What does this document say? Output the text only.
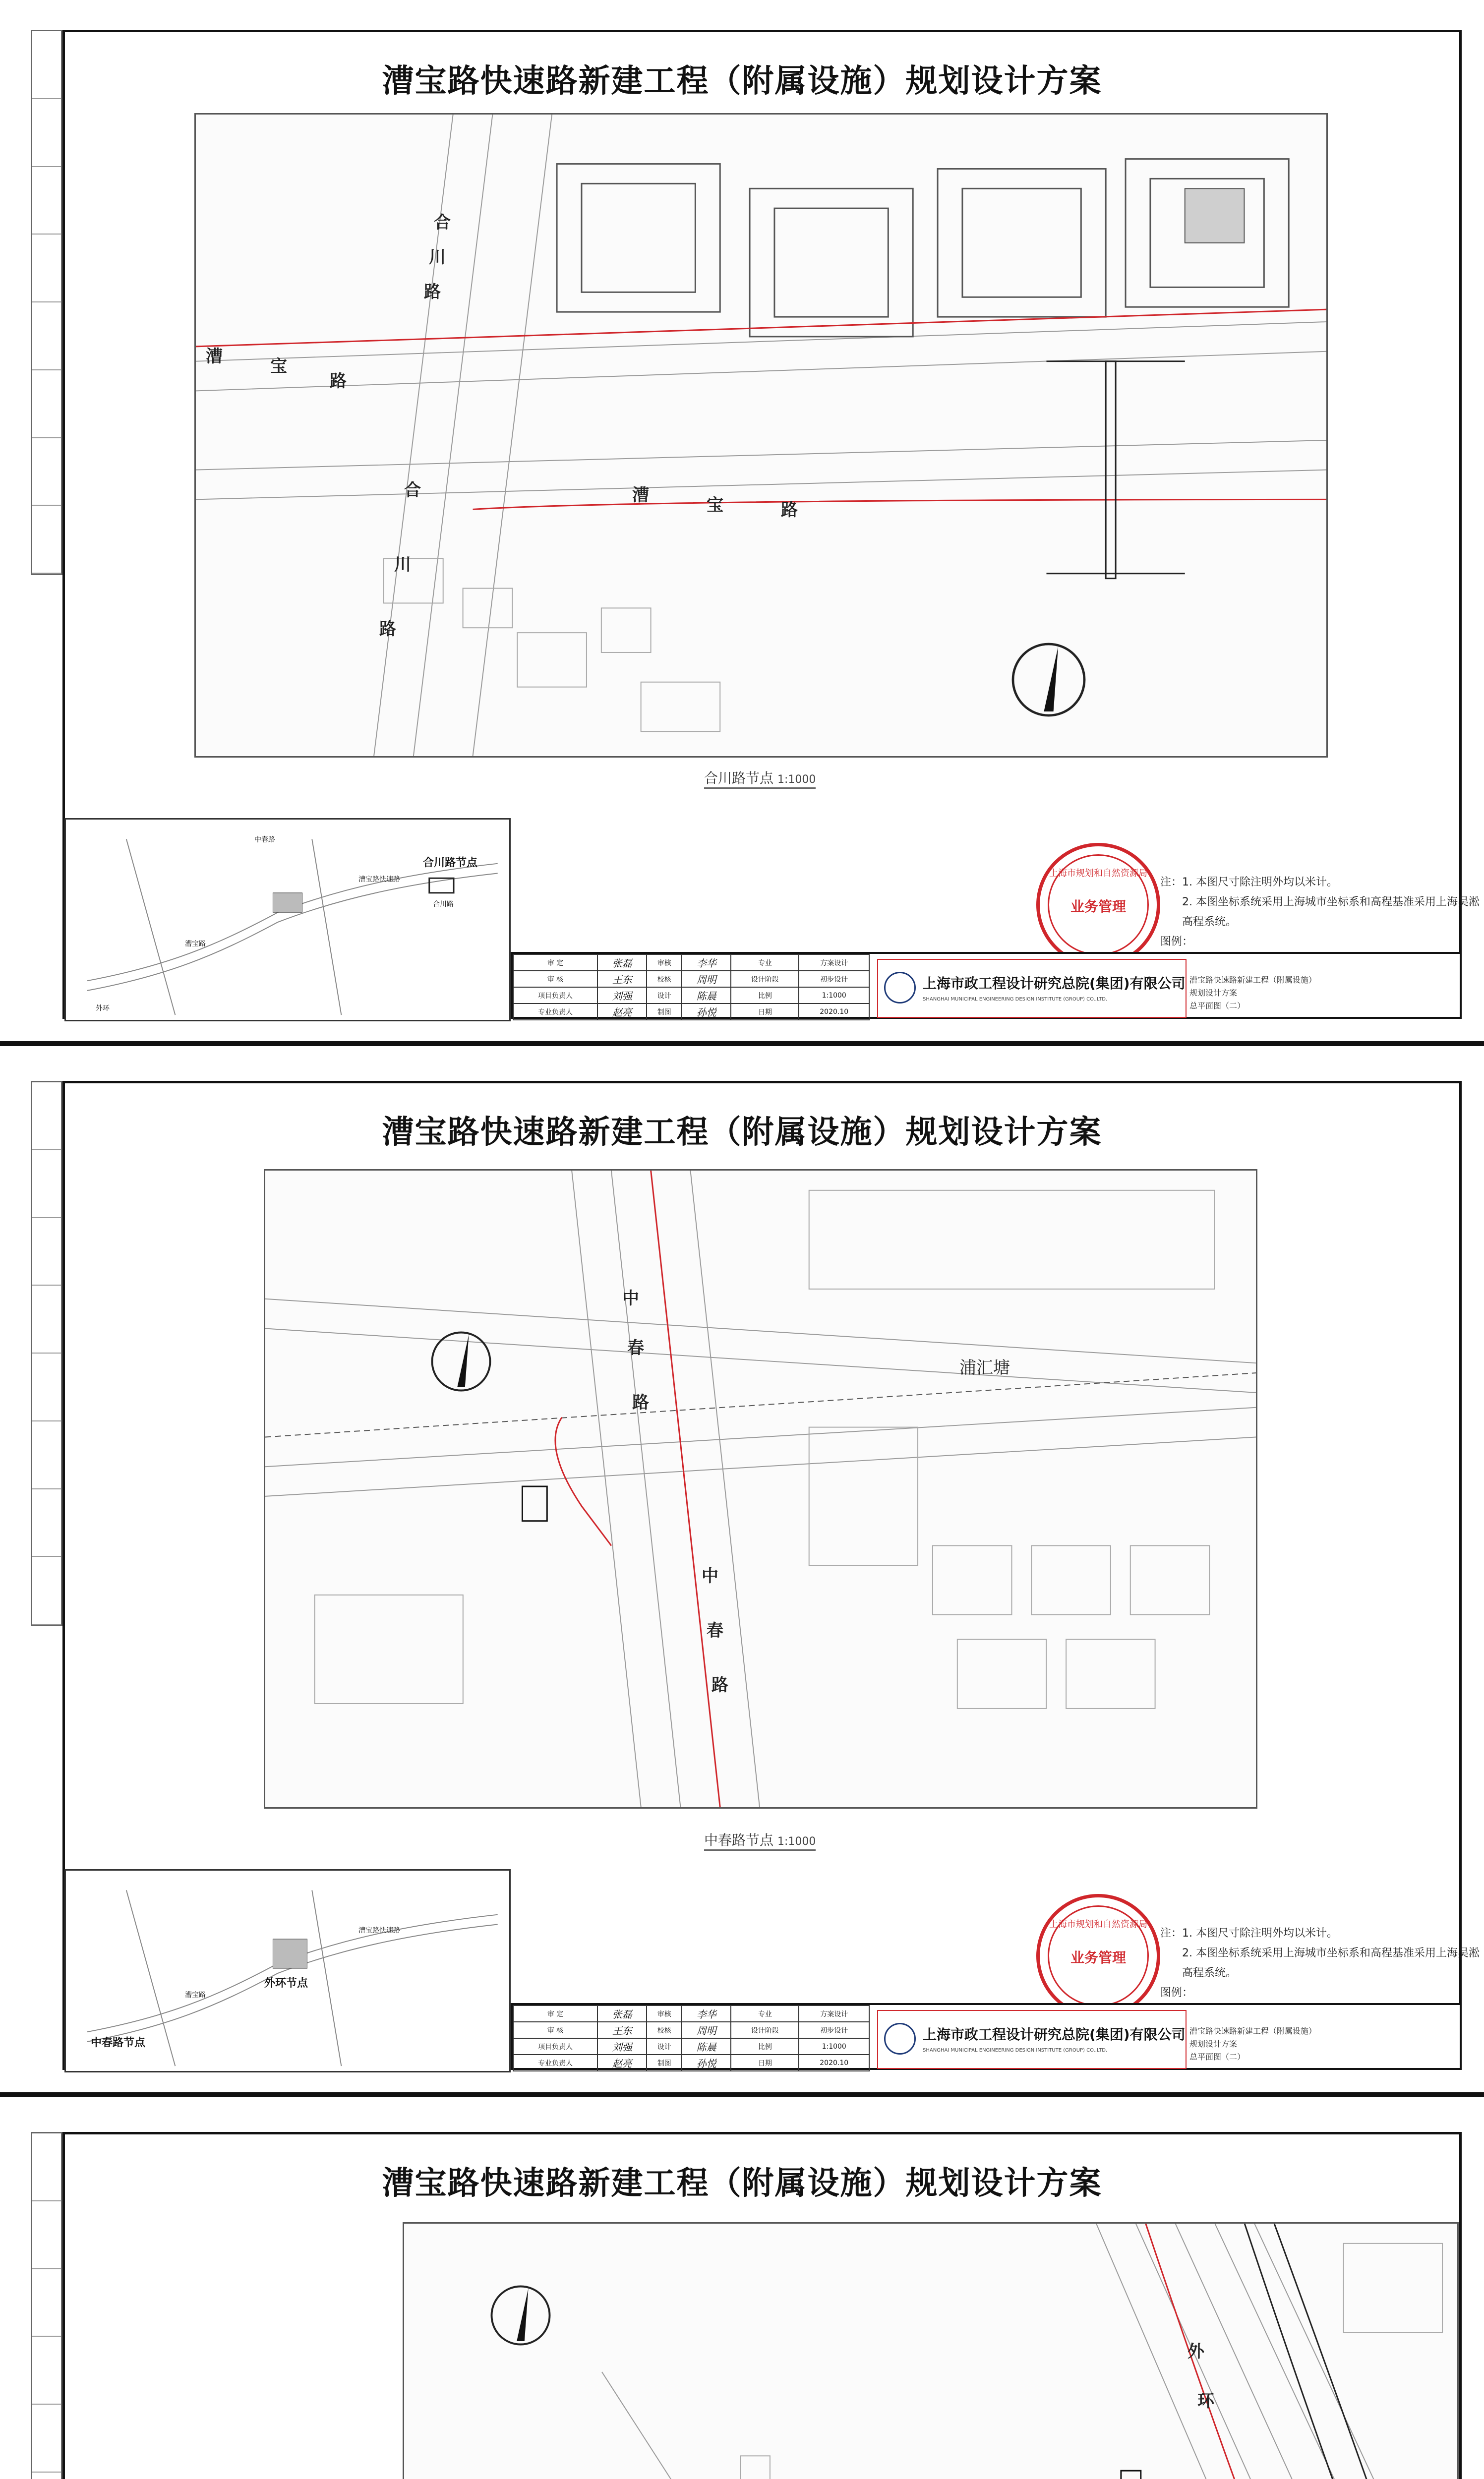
漕宝路快速路新建工程（附属设施）规划设计方案
合
川
路
漕	宝
路
合
川
路
漕	宝	路
合川路节点 1:1000
合川路节点
中春路
外环
漕宝路
漕宝路快速路
合川路
注：1. 本图尺寸除注明外均以米计。
2. 本图坐标系统采用上海城市坐标系和高程基准采用上海吴淞高程系统。
图例：
上海市规划和自然资源局
业务管理
审 定	张磊	审核	李华	专业	方案设计
审 核	王东	校核	周明	设计阶段	初步设计
项目负责人	刘强	设计	陈晨	比例	1:1000
专业负责人	赵亮	制图	孙悦	日期	2020.10
上海市政工程设计研究总院(集团)有限公司
SHANGHAI MUNICIPAL ENGINEERING DESIGN INSTITUTE (GROUP) CO.,LTD.
漕宝路快速路新建工程（附属设施）规划设计方案
总平面图（二）
漕宝路快速路新建工程（附属设施）规划设计方案
中
春
路
浦汇塘
中
春
路
中春路节点 1:1000
外环节点
中春路节点
漕宝路
漕宝路快速路	注：1. 本图尺寸除注明外均以米计。
2. 本图坐标系统采用上海城市坐标系和高程基准采用上海吴淞高程系统。
图例：
上海市规划和自然资源局
业务管理
审 定	张磊	审核	李华	专业	方案设计
审 核	王东	校核	周明	设计阶段	初步设计
项目负责人	刘强	设计	陈晨	比例	1:1000
专业负责人	赵亮	制图	孙悦	日期	2020.10
上海市政工程设计研究总院(集团)有限公司
SHANGHAI MUNICIPAL ENGINEERING DESIGN INSTITUTE (GROUP) CO.,LTD.
漕宝路快速路新建工程（附属设施）规划设计方案
总平面图（二）
漕宝路快速路新建工程（附属设施）规划设计方案
外
环
